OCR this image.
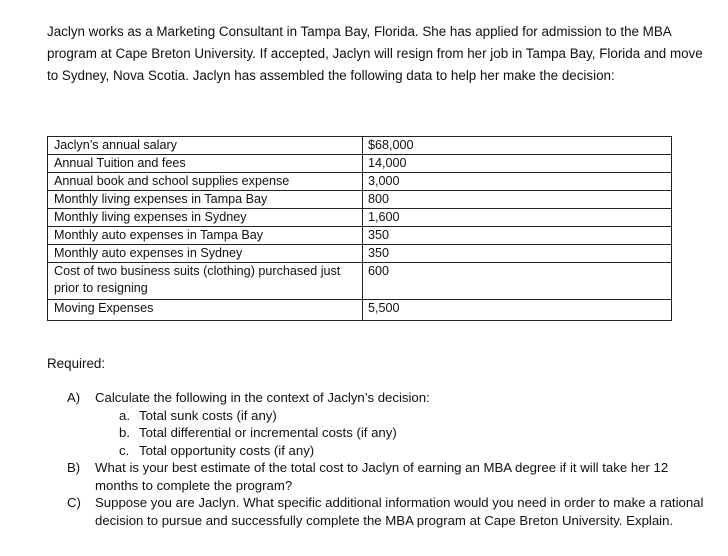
Jaclyn works as a Marketing Consultant in Tampa Bay, Florida. She has applied for admission to the MBA program at Cape Breton University. If accepted, Jaclyn will resign from her job in Tampa Bay, Florida and move to Sydney, Nova Scotia. Jaclyn has assembled the following data to help her make the decision:

Jaclyn’s annual salary	$68,000
Annual Tuition and fees	14,000
Annual book and school supplies expense	3,000
Monthly living expenses in Tampa Bay	800
Monthly living expenses in Sydney	1,600
Monthly auto expenses in Tampa Bay	350
Monthly auto expenses in Sydney	350
Cost of two business suits (clothing) purchased just prior to resigning	600
Moving Expenses	5,500

Required:

A) Calculate the following in the context of Jaclyn’s decision:
a. Total sunk costs (if any)
b. Total differential or incremental costs (if any)
c. Total opportunity costs (if any)
B) What is your best estimate of the total cost to Jaclyn of earning an MBA degree if it will take her 12 months to complete the program?
C) Suppose you are Jaclyn. What specific additional information would you need in order to make a rational decision to pursue and successfully complete the MBA program at Cape Breton University. Explain.
